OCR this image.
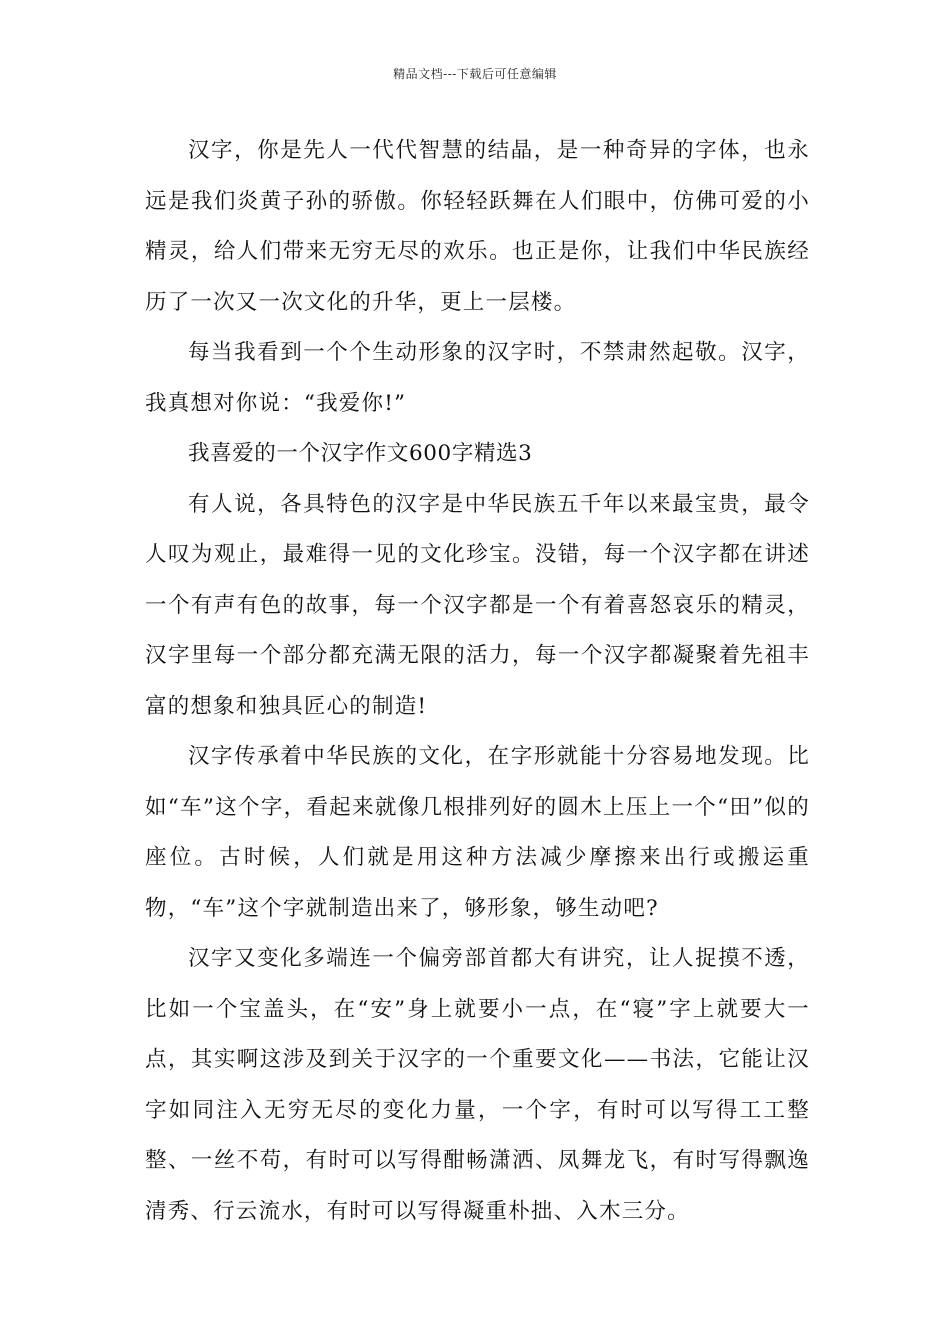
精品文档---下载后可任意编辑

汉字，你是先人一代代智慧的结晶，是一种奇异的字体，也永远是我们炎黄子孙的骄傲。你轻轻跃舞在人们眼中，仿佛可爱的小精灵，给人们带来无穷无尽的欢乐。也正是你，让我们中华民族经历了一次又一次文化的升华，更上一层楼。

每当我看到一个个生动形象的汉字时，不禁肃然起敬。汉字，我真想对你说：“我爱你!”

我喜爱的一个汉字作文600字精选3

有人说，各具特色的汉字是中华民族五千年以来最宝贵，最令人叹为观止，最难得一见的文化珍宝。没错，每一个汉字都在讲述一个有声有色的故事，每一个汉字都是一个有着喜怒哀乐的精灵，汉字里每一个部分都充满无限的活力，每一个汉字都凝聚着先祖丰富的想象和独具匠心的制造!

汉字传承着中华民族的文化，在字形就能十分容易地发现。比如“车”这个字，看起来就像几根排列好的圆木上压上一个“田”似的座位。古时候，人们就是用这种方法减少摩擦来出行或搬运重物，“车”这个字就制造出来了，够形象，够生动吧?

汉字又变化多端连一个偏旁部首都大有讲究，让人捉摸不透，比如一个宝盖头，在“安”身上就要小一点，在“寝”字上就要大一点，其实啊这涉及到关于汉字的一个重要文化——书法，它能让汉字如同注入无穷无尽的变化力量，一个字，有时可以写得工工整整、一丝不苟，有时可以写得酣畅潇洒、凤舞龙飞，有时写得飘逸清秀、行云流水，有时可以写得凝重朴拙、入木三分。
